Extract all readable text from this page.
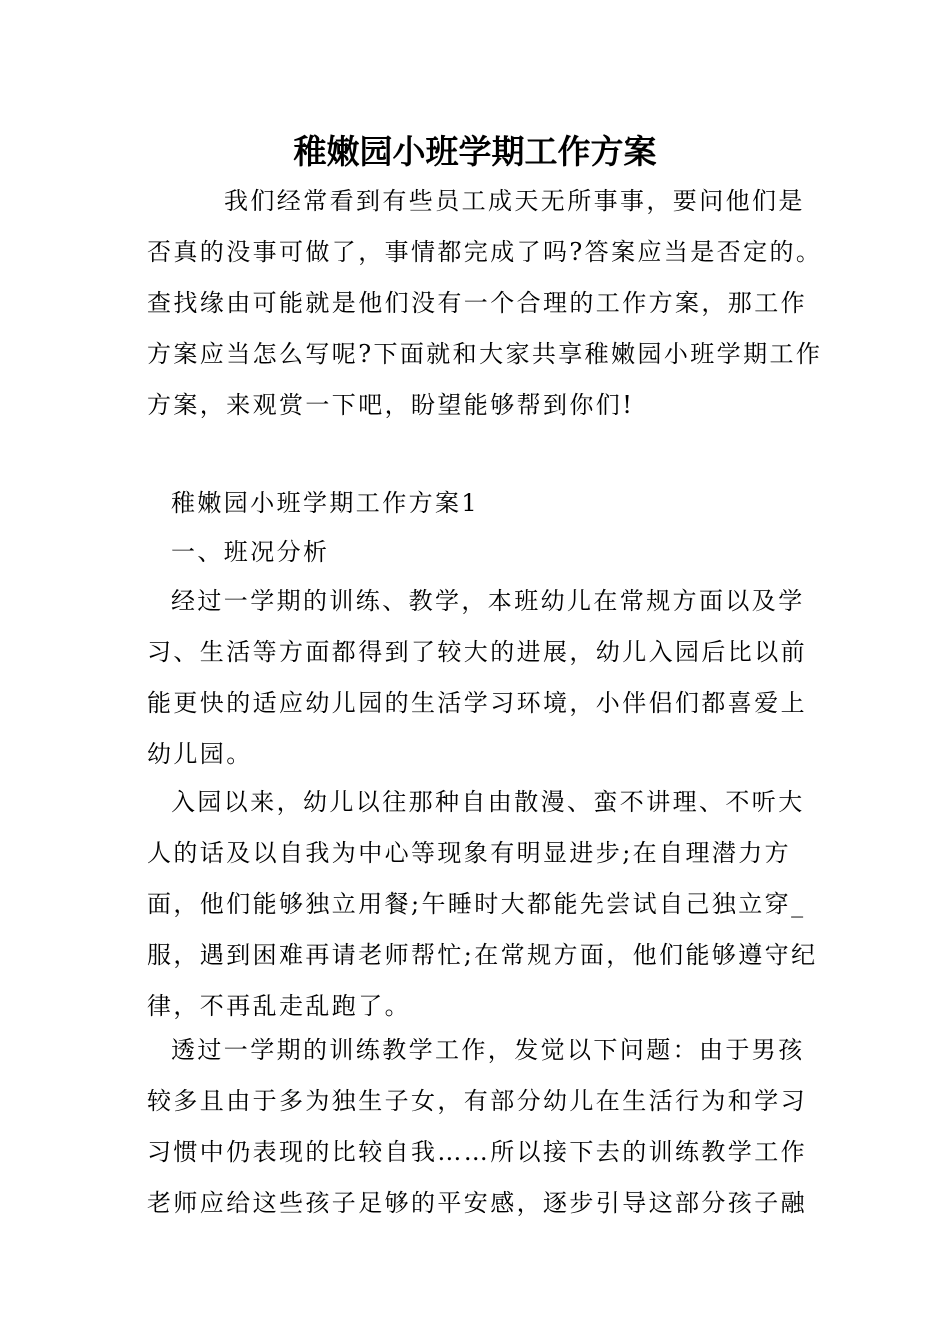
稚嫩园小班学期工作方案

我们经常看到有些员工成天无所事事，要问他们是否真的没事可做了，事情都完成了吗?答案应当是否定的。查找缘由可能就是他们没有一个合理的工作方案，那工作方案应当怎么写呢?下面就和大家共享稚嫩园小班学期工作方案，来观赏一下吧，盼望能够帮到你们!

稚嫩园小班学期工作方案1

一、班况分析

经过一学期的训练、教学，本班幼儿在常规方面以及学习、生活等方面都得到了较大的进展，幼儿入园后比以前能更快的适应幼儿园的生活学习环境，小伴侣们都喜爱上幼儿园。

入园以来，幼儿以往那种自由散漫、蛮不讲理、不听大人的话及以自我为中心等现象有明显进步;在自理潜力方面，他们能够独立用餐;午睡时大都能先尝试自己独立穿_服，遇到困难再请老师帮忙;在常规方面，他们能够遵守纪律，不再乱走乱跑了。

透过一学期的训练教学工作，发觉以下问题：由于男孩较多且由于多为独生子女，有部分幼儿在生活行为和学习习惯中仍表现的比较自我……所以接下去的训练教学工作老师应给这些孩子足够的平安感，逐步引导这部分孩子融
